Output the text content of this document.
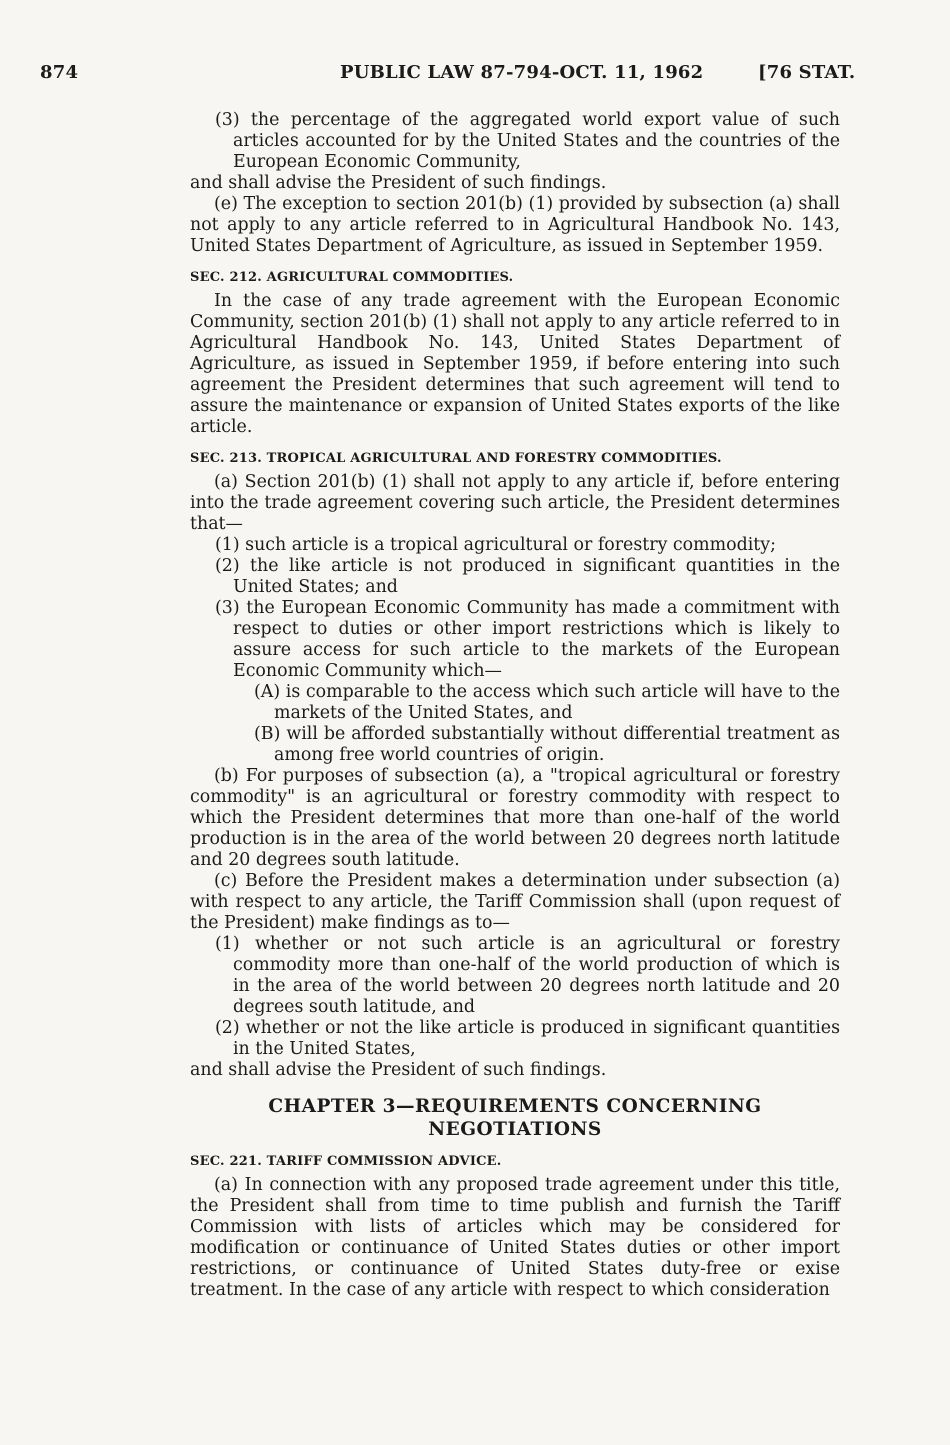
874	PUBLIC LAW 87-794-OCT. 11, 1962	[76 STAT.

(3) the percentage of the aggregated world export value of such articles accounted for by the United States and the countries of the European Economic Community,

and shall advise the President of such findings.

(e) The exception to section 201(b) (1) provided by subsection (a) shall not apply to any article referred to in Agricultural Handbook No. 143, United States Department of Agriculture, as issued in September 1959.

SEC. 212. AGRICULTURAL COMMODITIES.

In the case of any trade agreement with the European Economic Community, section 201(b) (1) shall not apply to any article referred to in Agricultural Handbook No. 143, United States Department of Agriculture, as issued in September 1959, if before entering into such agreement the President determines that such agreement will tend to assure the maintenance or expansion of United States exports of the like article.

SEC. 213. TROPICAL AGRICULTURAL AND FORESTRY COMMODITIES.

(a) Section 201(b) (1) shall not apply to any article if, before entering into the trade agreement covering such article, the President determines that—

(1) such article is a tropical agricultural or forestry commodity;

(2) the like article is not produced in significant quantities in the United States; and

(3) the European Economic Community has made a commitment with respect to duties or other import restrictions which is likely to assure access for such article to the markets of the European Economic Community which—

(A) is comparable to the access which such article will have to the markets of the United States, and

(B) will be afforded substantially without differential treatment as among free world countries of origin.

(b) For purposes of subsection (a), a "tropical agricultural or forestry commodity" is an agricultural or forestry commodity with respect to which the President determines that more than one-half of the world production is in the area of the world between 20 degrees north latitude and 20 degrees south latitude.

(c) Before the President makes a determination under subsection (a) with respect to any article, the Tariff Commission shall (upon request of the President) make findings as to—

(1) whether or not such article is an agricultural or forestry commodity more than one-half of the world production of which is in the area of the world between 20 degrees north latitude and 20 degrees south latitude, and

(2) whether or not the like article is produced in significant quantities in the United States,

and shall advise the President of such findings.

CHAPTER 3—REQUIREMENTS CONCERNING
NEGOTIATIONS

SEC. 221. TARIFF COMMISSION ADVICE.

(a) In connection with any proposed trade agreement under this title, the President shall from time to time publish and furnish the Tariff Commission with lists of articles which may be considered for modification or continuance of United States duties or other import restrictions, or continuance of United States duty-free or exise treatment. In the case of any article with respect to which consideration
